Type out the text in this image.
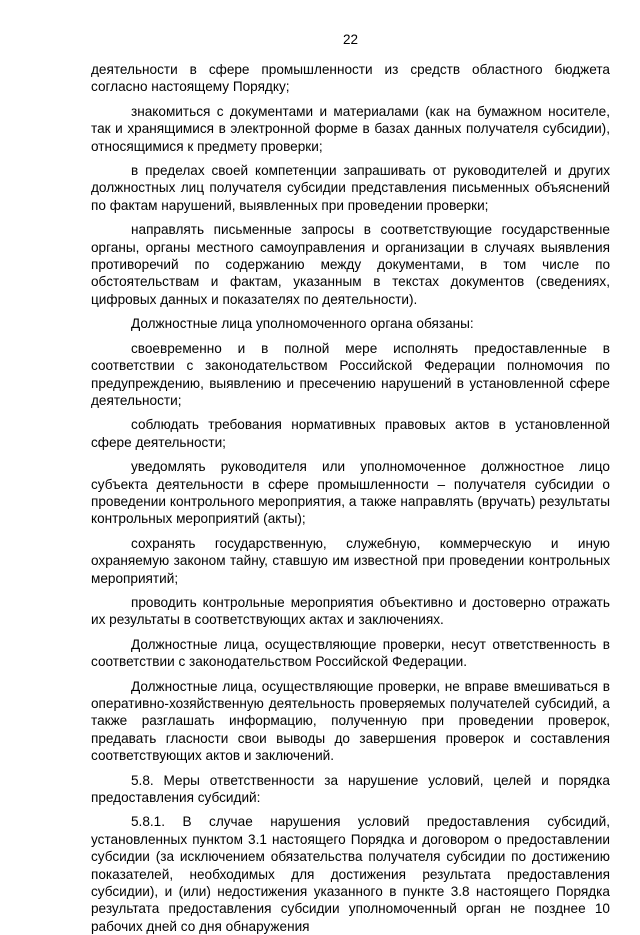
22

деятельности в сфере промышленности из средств областного бюджета согласно настоящему Порядку;

знакомиться с документами и материалами (как на бумажном носителе, так и хранящимися в электронной форме в базах данных получателя субсидии), относящимися к предмету проверки;

в пределах своей компетенции запрашивать от руководителей и других должностных лиц получателя субсидии представления письменных объяснений по фактам нарушений, выявленных при проведении проверки;

направлять письменные запросы в соответствующие государственные органы, органы местного самоуправления и организации в случаях выявления противоречий по содержанию между документами, в том числе по обстоятельствам и фактам, указанным в текстах документов (сведениях, цифровых данных и показателях по деятельности).

Должностные лица уполномоченного органа обязаны:

своевременно и в полной мере исполнять предоставленные в соответствии с законодательством Российской Федерации полномочия по предупреждению, выявлению и пресечению нарушений в установленной сфере деятельности;

соблюдать требования нормативных правовых актов в установленной сфере деятельности;

уведомлять руководителя или уполномоченное должностное лицо субъекта деятельности в сфере промышленности – получателя субсидии о проведении контрольного мероприятия, а также направлять (вручать) результаты контрольных мероприятий (акты);

сохранять государственную, служебную, коммерческую и иную охраняемую законом тайну, ставшую им известной при проведении контрольных мероприятий;

проводить контрольные мероприятия объективно и достоверно отражать их результаты в соответствующих актах и заключениях.

Должностные лица, осуществляющие проверки, несут ответственность в соответствии с законодательством Российской Федерации.

Должностные лица, осуществляющие проверки, не вправе вмешиваться в оперативно-хозяйственную деятельность проверяемых получателей субсидий, а также разглашать информацию, полученную при проведении проверок, предавать гласности свои выводы до завершения проверок и составления соответствующих актов и заключений.

5.8. Меры ответственности за нарушение условий, целей и порядка предоставления субсидий:

5.8.1. В случае нарушения условий предоставления субсидий, установленных пунктом 3.1 настоящего Порядка и договором о предоставлении субсидии (за исключением обязательства получателя субсидии по достижению показателей, необходимых для достижения результата предоставления субсидии), и (или) недостижения указанного в пункте 3.8 настоящего Порядка результата предоставления субсидии уполномоченный орган не позднее 10 рабочих дней со дня обнаружения
